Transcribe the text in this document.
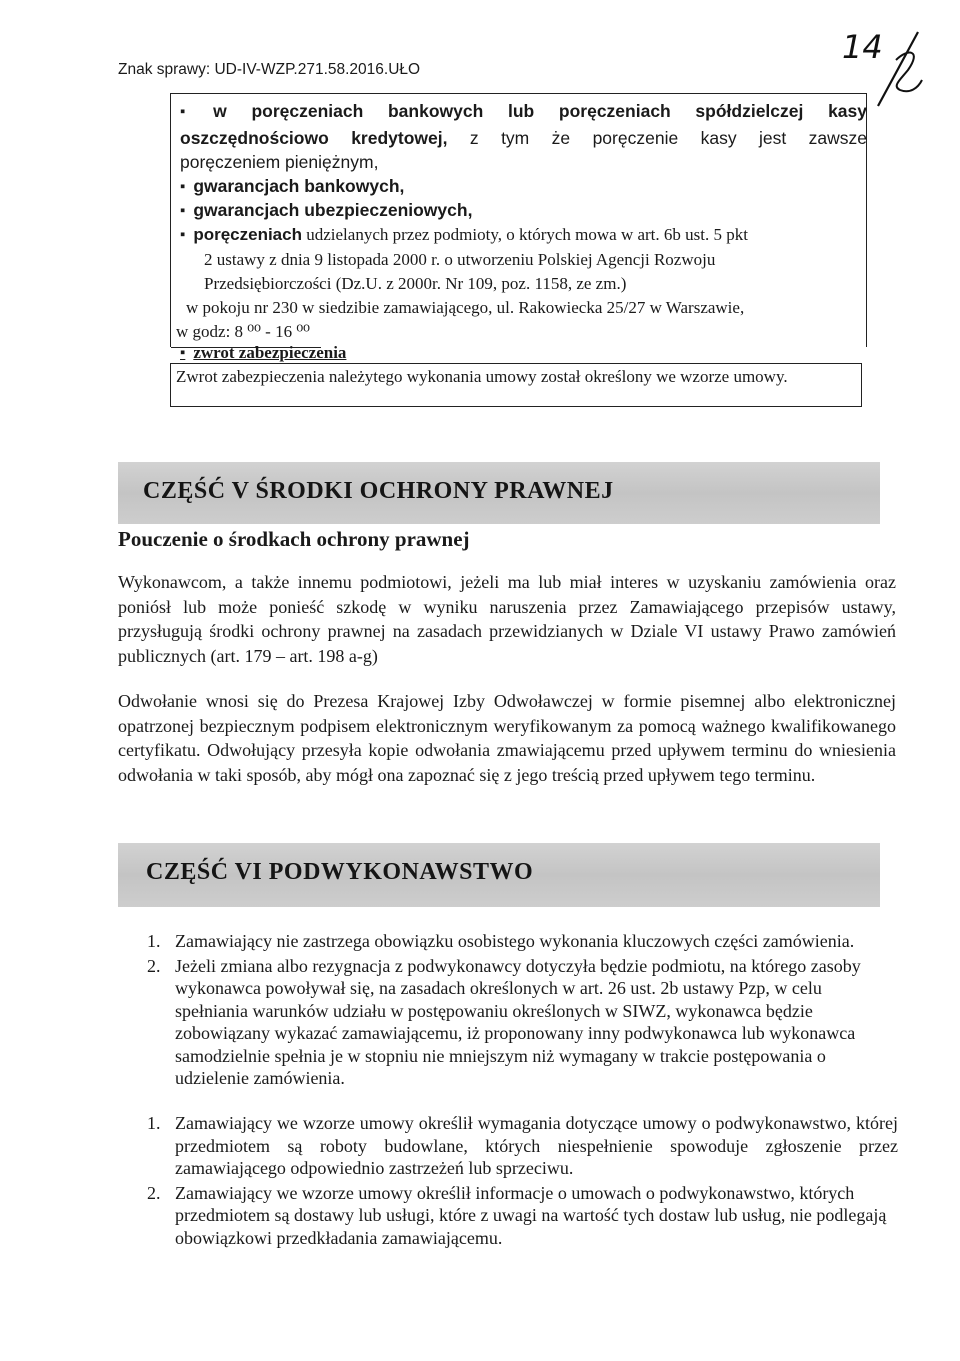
Znak sprawy: UD-IV-WZP.271.58.2016.UŁO
14
▪ w poręczeniach bankowych lub poręczeniach spółdzielczej kasy
oszczędnościowo kredytowej, z tym że poręczenie kasy jest zawsze
poręczeniem pieniężnym,
▪ gwarancjach bankowych,
▪ gwarancjach ubezpieczeniowych,
▪ poręczeniach udzielanych przez podmioty, o których mowa w art. 6b ust. 5 pkt
2 ustawy z dnia 9 listopada 2000 r. o utworzeniu Polskiej Agencji Rozwoju
Przedsiębiorczości (Dz.U. z 2000r. Nr 109, poz. 1158, ze zm.)
w pokoju nr 230 w siedzibie zamawiającego, ul. Rakowiecka 25/27 w Warszawie,
w godz: 8 ⁰⁰ - 16 ⁰⁰
▪ zwrot zabezpieczenia
Zwrot zabezpieczenia należytego wykonania umowy został określony we wzorze umowy.
CZĘŚĆ V ŚRODKI OCHRONY PRAWNEJ
Pouczenie o środkach ochrony prawnej
Wykonawcom, a także innemu podmiotowi, jeżeli ma lub miał interes w uzyskaniu zamówienia oraz poniósł lub może ponieść szkodę w wyniku naruszenia przez Zamawiającego przepisów ustawy, przysługują środki ochrony prawnej na zasadach przewidzianych w Dziale VI ustawy Prawo zamówień publicznych (art. 179 – art. 198 a-g)
Odwołanie wnosi się do Prezesa Krajowej Izby Odwoławczej w formie pisemnej albo elektronicznej opatrzonej bezpiecznym podpisem elektronicznym weryfikowanym za pomocą ważnego kwalifikowanego certyfikatu. Odwołujący przesyła kopie odwołania zmawiającemu przed upływem terminu do wniesienia odwołania w taki sposób, aby mógł ona zapoznać się z jego treścią przed upływem tego terminu.
CZĘŚĆ VI PODWYKONAWSTWO
1. Zamawiający nie zastrzega obowiązku osobistego wykonania kluczowych części zamówienia.
2. Jeżeli zmiana albo rezygnacja z podwykonawcy dotyczyła będzie podmiotu, na którego zasoby wykonawca powoływał się, na zasadach określonych w art. 26 ust. 2b ustawy Pzp, w celu spełniania warunków udziału w postępowaniu określonych w SIWZ, wykonawca będzie zobowiązany wykazać zamawiającemu, iż proponowany inny podwykonawca lub wykonawca samodzielnie spełnia je w stopniu nie mniejszym niż wymagany w trakcie postępowania o udzielenie zamówienia.
1. Zamawiający we wzorze umowy określił wymagania dotyczące umowy o podwykonawstwo, której przedmiotem są roboty budowlane, których niespełnienie spowoduje zgłoszenie przez zamawiającego odpowiednio zastrzeżeń lub sprzeciwu.
2. Zamawiający we wzorze umowy określił informacje o umowach o podwykonawstwo, których przedmiotem są dostawy lub usługi, które z uwagi na wartość tych dostaw lub usług, nie podlegają obowiązkowi przedkładania zamawiającemu.
